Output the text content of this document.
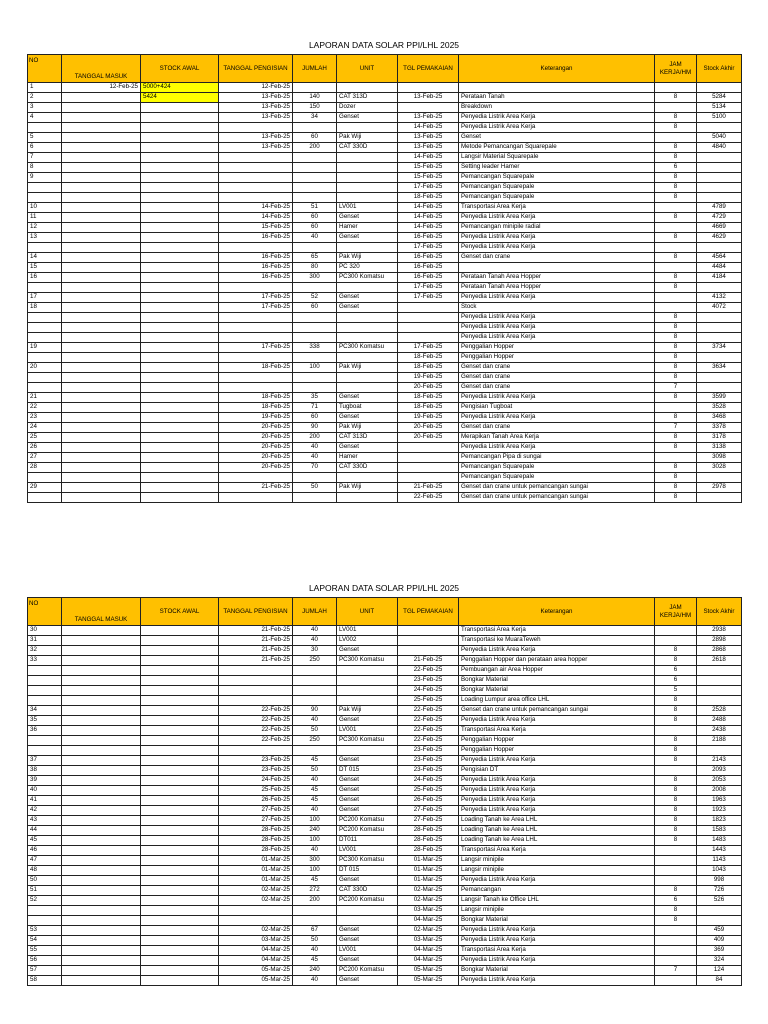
LAPORAN DATA SOLAR PPI/LHL 2025
NO	TANGGAL MASUK	STOCK AWAL	TANGGAL PENGISIAN	JUMLAH	UNIT	TGL PEMAKAIAN	Keterangan	JAM
KERJA/HM	Stock Akhir
1	12-Feb-25	5000+424	12-Feb-25						
2		5424	13-Feb-25	140	CAT 313D	13-Feb-25	Perataan Tanah	8	5284
3			13-Feb-25	150	Dozer		Breakdown		5134
4			13-Feb-25	34	Genset	13-Feb-25	Penyedia Listrik Area Kerja	8	5100
						14-Feb-25	Penyedia Listrik Area Kerja	8	
5			13-Feb-25	60	Pak Wiji	13-Feb-25	Genset		5040
6			13-Feb-25	200	CAT 330D	13-Feb-25	Metode Pemancangan Squarepale	8	4840
7						14-Feb-25	Langsir Material Squarepale	8	
8						15-Feb-25	Setting leader Hamer	6	
9						15-Feb-25	Pemancangan Squarepale	8	
						17-Feb-25	Pemancangan Squarepale	8	
						18-Feb-25	Pemancangan Squarepale	8	
10			14-Feb-25	51	LV001	14-Feb-25	Transportasi Area Kerja		4789
11			14-Feb-25	60	Genset	14-Feb-25	Penyedia Listrik Area Kerja	8	4729
12			15-Feb-25	60	Hamer	14-Feb-25	Pemancangan minipile radial		4669
13			16-Feb-25	40	Genset	16-Feb-25	Penyedia Listrik Area Kerja	8	4629
						17-Feb-25	Penyedia Listrik Area Kerja		
14			16-Feb-25	65	Pak Wiji	16-Feb-25	Genset dan crane	8	4564
15			16-Feb-25	80	PC 320	16-Feb-25			4484
16			16-Feb-25	300	PC300 Komatsu	16-Feb-25	Perataan Tanah Area Hopper	8	4184
						17-Feb-25	Perataan Tanah Area Hopper	8	
17			17-Feb-25	52	Genset	17-Feb-25	Penyedia Listrik Area Kerja		4132
18			17-Feb-25	60	Genset		Stock		4072
							Penyedia Listrik Area Kerja	8	
							Penyedia Listrik Area Kerja	8	
							Penyedia Listrik Area Kerja	8	
19			17-Feb-25	338	PC300 Komatsu	17-Feb-25	Penggalian Hopper	8	3734
						18-Feb-25	Penggalian Hopper	8	
20			18-Feb-25	100	Pak Wiji	18-Feb-25	Genset dan crane	8	3634
						19-Feb-25	Genset dan crane	8	
						20-Feb-25	Genset dan crane	7	
21			18-Feb-25	35	Genset	18-Feb-25	Penyedia Listrik Area Kerja	8	3599
22			18-Feb-25	71	Tugboat	18-Feb-25	Pengisian Tugboat		3528
23			19-Feb-25	60	Genset	19-Feb-25	Penyedia Listrik Area Kerja	8	3468
24			20-Feb-25	90	Pak Wiji	20-Feb-25	Genset dan crane	7	3378
25			20-Feb-25	200	CAT 313D	20-Feb-25	Merapikan Tanah Area Kerja	8	3178
26			20-Feb-25	40	Genset		Penyedia Listrik Area Kerja	8	3138
27			20-Feb-25	40	Hamer		Pemancangan Pipa di sungai		3098
28			20-Feb-25	70	CAT 330D		Pemancangan Squarepale	8	3028
							Pemancangan Squarepale	8	
29			21-Feb-25	50	Pak Wiji	21-Feb-25	Genset dan crane untuk pemancangan sungai	8	2978
						22-Feb-25	Genset dan crane untuk pemancangan sungai	8	
LAPORAN DATA SOLAR PPI/LHL 2025
NO	TANGGAL MASUK	STOCK AWAL	TANGGAL PENGISIAN	JUMLAH	UNIT	TGL PEMAKAIAN	Keterangan	JAM
KERJA/HM	Stock Akhir
30			21-Feb-25	40	LV001		Transportasi Area Kerja		2938
31			21-Feb-25	40	LV002		Transportasi ke MuaraTeweh		2898
32			21-Feb-25	30	Genset		Penyedia Listrik Area Kerja	8	2868
33			21-Feb-25	250	PC300 Komatsu	21-Feb-25	Penggalian Hopper dan perataan area hopper	8	2618
						22-Feb-25	Pembuangan air Area Hopper	6	
						23-Feb-25	Bongkar Material	6	
						24-Feb-25	Bongkar Material	5	
						25-Feb-25	Loading Lumpur area office LHL	8	
34			22-Feb-25	90	Pak Wiji	22-Feb-25	Genset dan crane untuk pemancangan sungai	8	2528
35			22-Feb-25	40	Genset	22-Feb-25	Penyedia Listrik Area Kerja	8	2488
36			22-Feb-25	50	LV001	22-Feb-25	Transportasi Area Kerja		2438
			22-Feb-25	250	PC300 Komatsu	22-Feb-25	Penggalian Hopper	8	2188
						23-Feb-25	Penggalian Hopper	8	
37			23-Feb-25	45	Genset	23-Feb-25	Penyedia Listrik Area Kerja	8	2143
38			23-Feb-25	50	DT 015	23-Feb-25	Pengisian DT		2093
39			24-Feb-25	40	Genset	24-Feb-25	Penyedia Listrik Area Kerja	8	2053
40			25-Feb-25	45	Genset	25-Feb-25	Penyedia Listrik Area Kerja	8	2008
41			26-Feb-25	45	Genset	26-Feb-25	Penyedia Listrik Area Kerja	8	1963
42			27-Feb-25	40	Genset	27-Feb-25	Penyedia Listrik Area Kerja	8	1923
43			27-Feb-25	100	PC200 Komatsu	27-Feb-25	Loading Tanah ke Area LHL	8	1823
44			28-Feb-25	240	PC200 Komatsu	28-Feb-25	Loading Tanah ke Area LHL	8	1583
45			28-Feb-25	100	DT011	28-Feb-25	Loading Tanah ke Area LHL	8	1483
46			28-Feb-25	40	LV001	28-Feb-25	Transportasi Area Kerja		1443
47			01-Mar-25	300	PC300 Komatsu	01-Mar-25	Langsir minipile		1143
48			01-Mar-25	100	DT 015	01-Mar-25	Langsir minipile		1043
50			01-Mar-25	45	Genset	01-Mar-25	Penyedia Listrik Area Kerja		998
51			02-Mar-25	272	CAT 330D	02-Mar-25	Pemancangan	8	726
52			02-Mar-25	200	PC200 Komatsu	02-Mar-25	Langsir Tanah ke Office LHL	6	526
						03-Mar-25	Langsir minipile	8	
						04-Mar-25	Bongkar Material	8	
53			02-Mar-25	67	Genset	02-Mar-25	Penyedia Listrik Area Kerja		459
54			03-Mar-25	50	Genset	03-Mar-25	Penyedia Listrik Area Kerja		409
55			04-Mar-25	40	LV001	04-Mar-25	Transportasi Area Kerja		369
56			04-Mar-25	45	Genset	04-Mar-25	Penyedia Listrik Area Kerja		324
57			05-Mar-25	240	PC200 Komatsu	05-Mar-25	Bongkar Material	7	124
58			05-Mar-25	40	Genset	05-Mar-25	Penyedia Listrik Area Kerja		84
